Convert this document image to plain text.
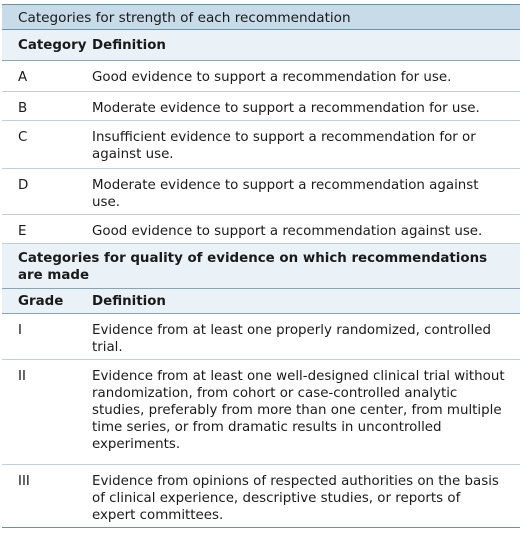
Categories for strength of each recommendation
Category Definition
A	Good evidence to support a recommendation for use.
B	Moderate evidence to support a recommendation for use.
C	Insufficient evidence to support a recommendation for or against use.
D	Moderate evidence to support a recommendation against use.
E	Good evidence to support a recommendation against use.
Categories for quality of evidence on which recommendations are made
Grade	Definition
I	Evidence from at least one properly randomized, controlled trial.
II	Evidence from at least one well-designed clinical trial without randomization, from cohort or case-controlled analytic studies, preferably from more than one center, from multiple time series, or from dramatic results in uncontrolled experiments.
III	Evidence from opinions of respected authorities on the basis of clinical experience, descriptive studies, or reports of expert committees.
